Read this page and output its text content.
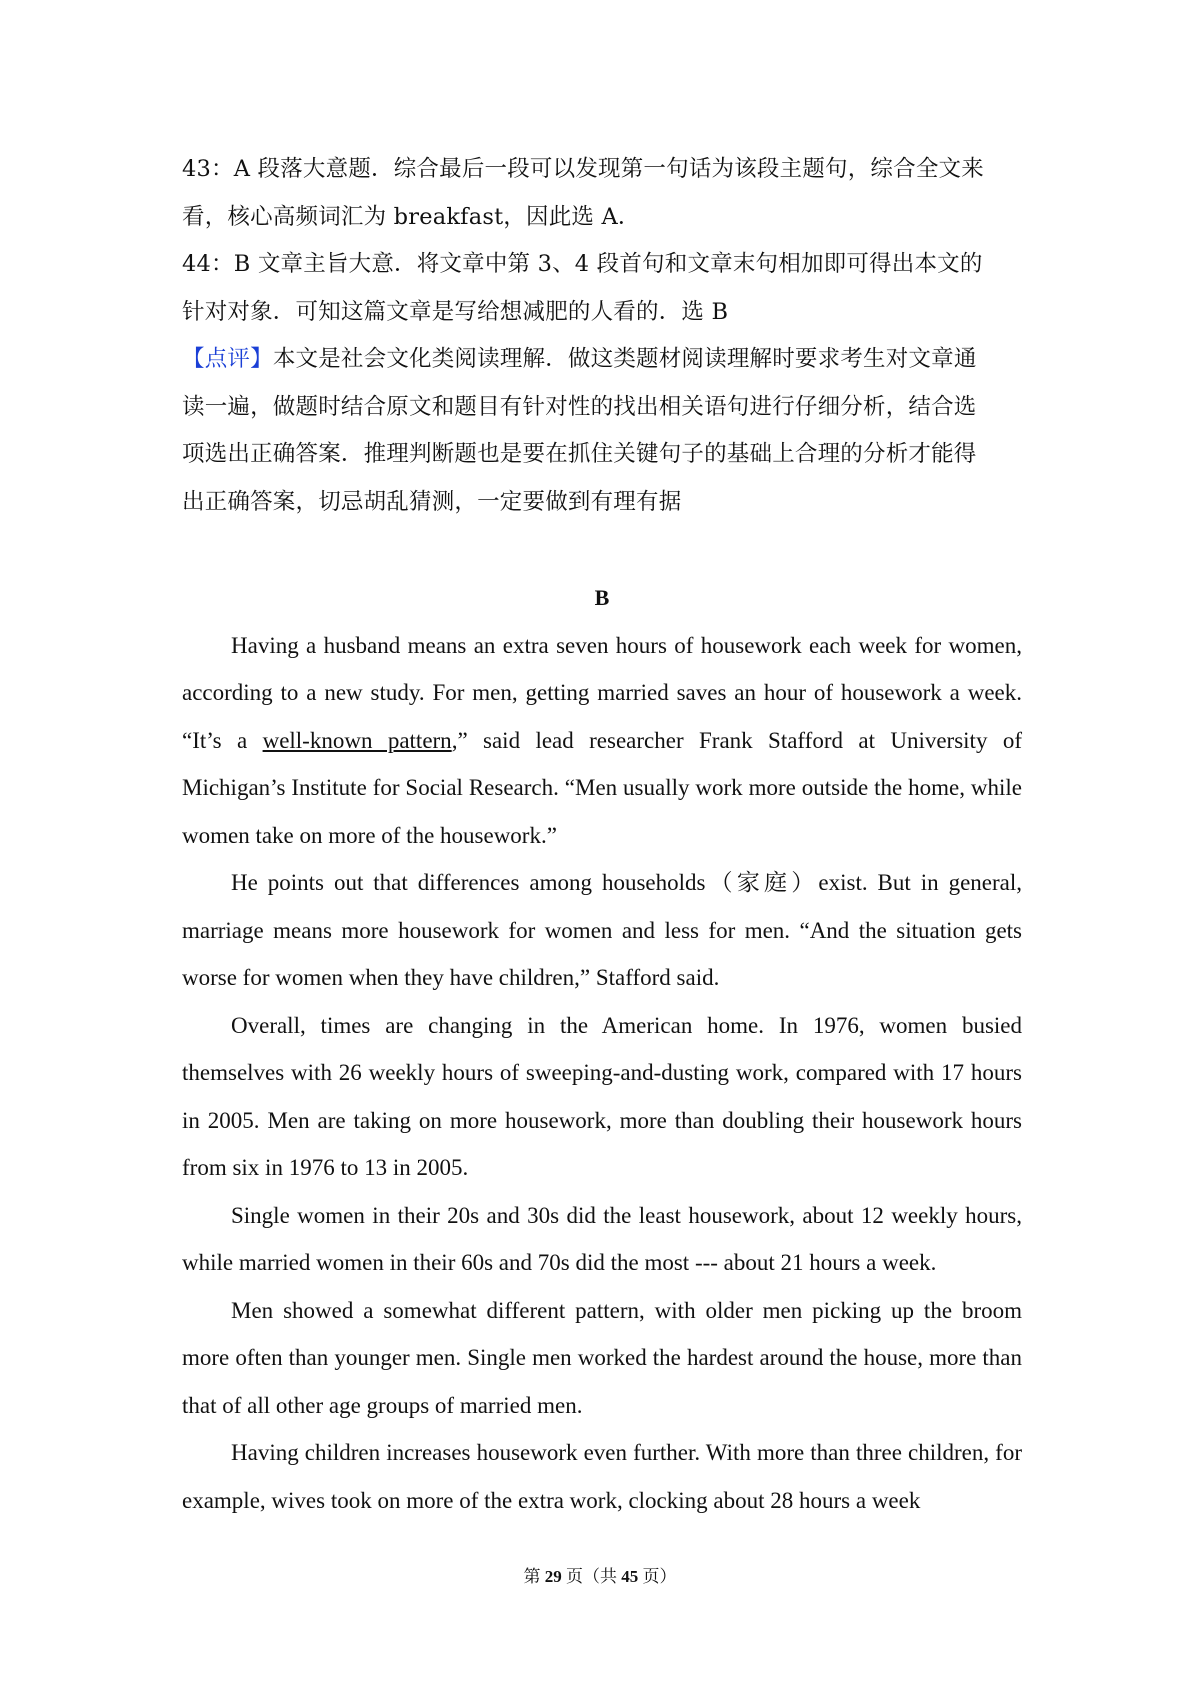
43：A 段落大意题．综合最后一段可以发现第一句话为该段主题句，综合全文来

看，核心高频词汇为 breakfast，因此选 A．

44：B 文章主旨大意．将文章中第 3、4 段首句和文章末句相加即可得出本文的

针对对象．可知这篇文章是写给想减肥的人看的．选 B

【点评】本文是社会文化类阅读理解．做这类题材阅读理解时要求考生对文章通

读一遍，做题时结合原文和题目有针对性的找出相关语句进行仔细分析，结合选

项选出正确答案．推理判断题也是要在抓住关键句子的基础上合理的分析才能得

出正确答案，切忌胡乱猜测，一定要做到有理有据

B

Having a husband means an extra seven hours of housework each week for women, according to a new study. For men, getting married saves an hour of housework a week. “It’s a well-known pattern,” said lead researcher Frank Stafford at University of Michigan’s Institute for Social Research. “Men usually work more outside the home, while women take on more of the housework.”

He points out that differences among households（家庭）exist. But in general, marriage means more housework for women and less for men. “And the situation gets worse for women when they have children,” Stafford said.

Overall, times are changing in the American home. In 1976, women busied themselves with 26 weekly hours of sweeping-and-dusting work, compared with 17 hours in 2005. Men are taking on more housework, more than doubling their housework hours from six in 1976 to 13 in 2005.

Single women in their 20s and 30s did the least housework, about 12 weekly hours, while married women in their 60s and 70s did the most --- about 21 hours a week.

Men showed a somewhat different pattern, with older men picking up the broom more often than younger men. Single men worked the hardest around the house, more than that of all other age groups of married men.

Having children increases housework even further. With more than three children, for example, wives took on more of the extra work, clocking about 28 hours a week

第 29 页（共 45 页）
